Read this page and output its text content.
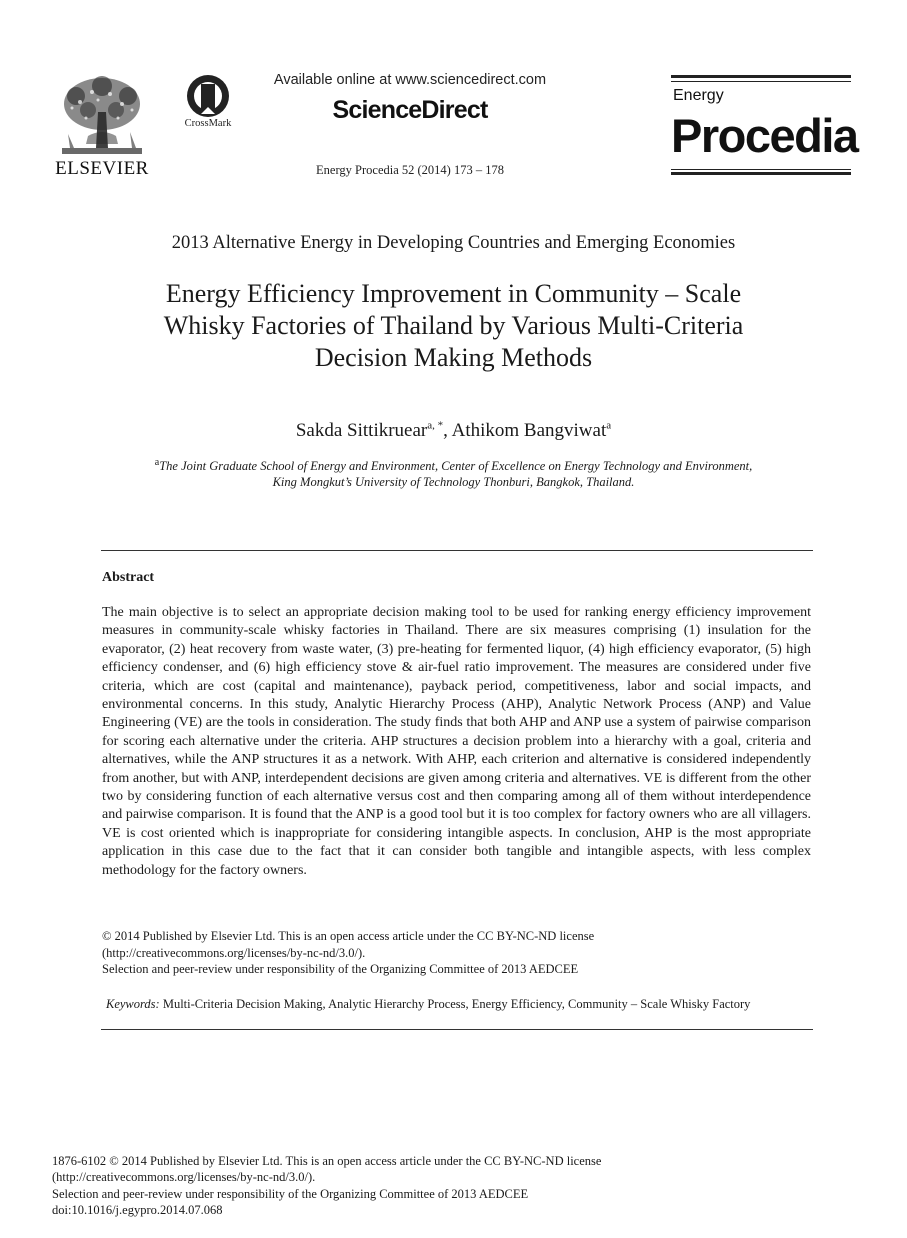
ELSEVIER
CrossMark
Available online at www.sciencedirect.com
ScienceDirect
Energy Procedia 52 (2014) 173 – 178
Energy
Procedia
2013 Alternative Energy in Developing Countries and Emerging Economies
Energy Efficiency Improvement in Community – Scale
Whisky Factories of Thailand by Various Multi-Criteria
Decision Making Methods
Sakda Sittikruear$^{a, *}$, Athikom Bangviwat$^a$
$^a$The Joint Graduate School of Energy and Environment, Center of Excellence on Energy Technology and Environment,
King Mongkut’s University of Technology Thonburi, Bangkok, Thailand.
Abstract
The main objective is to select an appropriate decision making tool to be used for ranking energy efficiency improvement measures in community-scale whisky factories in Thailand. There are six measures comprising (1) insulation for the evaporator, (2) heat recovery from waste water, (3) pre-heating for fermented liquor, (4) high efficiency evaporator, (5) high efficiency condenser, and (6) high efficiency stove & air-fuel ratio improvement. The measures are considered under five criteria, which are cost (capital and maintenance), payback period, competitiveness, labor and social impacts, and environmental concerns. In this study, Analytic Hierarchy Process (AHP), Analytic Network Process (ANP) and Value Engineering (VE) are the tools in consideration. The study finds that both AHP and ANP use a system of pairwise comparison for scoring each alternative under the criteria. AHP structures a decision problem into a hierarchy with a goal, criteria and alternatives, while the ANP structures it as a network. With AHP, each criterion and alternative is considered independently from another, but with ANP, interdependent decisions are given among criteria and alternatives. VE is different from the other two by considering function of each alternative versus cost and then comparing among all of them without interdependence and pairwise comparison. It is found that the ANP is a good tool but it is too complex for factory owners who are all villagers. VE is cost oriented which is inappropriate for considering intangible aspects. In conclusion, AHP is the most appropriate application in this case due to the fact that it can consider both tangible and intangible aspects, with less complex methodology for the factory owners.
© 2014 Published by Elsevier Ltd. This is an open access article under the CC BY-NC-ND license
(http://creativecommons.org/licenses/by-nc-nd/3.0/).
Selection and peer-review under responsibility of the Organizing Committee of 2013 AEDCEE
Keywords: Multi-Criteria Decision Making, Analytic Hierarchy Process, Energy Efficiency, Community – Scale Whisky Factory
1876-6102 © 2014 Published by Elsevier Ltd. This is an open access article under the CC BY-NC-ND license
(http://creativecommons.org/licenses/by-nc-nd/3.0/).
Selection and peer-review under responsibility of the Organizing Committee of 2013 AEDCEE
doi:10.1016/j.egypro.2014.07.068
